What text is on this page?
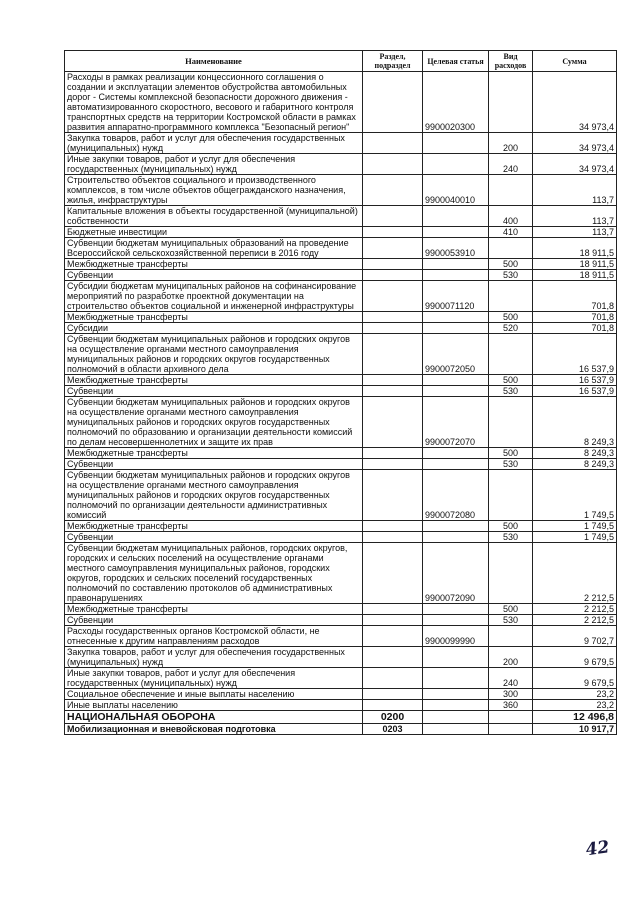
Наименование	Раздел, подраздел	Целевая статья	Вид расходов	Сумма
Расходы в рамках реализации концессионного соглашения о создании и эксплуатации элементов обустройства автомобильных дорог - Системы комплексной безопасности дорожного движения - автоматизированного скоростного, весового и габаритного контроля транспортных средств на территории Костромской области в рамках развития аппаратно-программного комплекса "Безопасный регион"		9900020300		34 973,4
Закупка товаров, работ и услуг для обеспечения государственных (муниципальных) нужд			200	34 973,4
Иные закупки товаров, работ и услуг для обеспечения государственных (муниципальных) нужд			240	34 973,4
Строительство объектов социального и производственного комплексов, в том числе объектов общегражданского назначения, жилья, инфраструктуры		9900040010		113,7
Капитальные вложения в объекты государственной (муниципальной) собственности			400	113,7
Бюджетные инвестиции			410	113,7
Субвенции бюджетам муниципальных образований на проведение Всероссийской сельскохозяйственной переписи в 2016 году		9900053910		18 911,5
Межбюджетные трансферты			500	18 911,5
Субвенции			530	18 911,5
Субсидии бюджетам муниципальных районов на софинансирование мероприятий по разработке проектной документации на строительство объектов социальной и инженерной инфраструктуры		9900071120		701,8
Межбюджетные трансферты			500	701,8
Субсидии			520	701,8
Субвенции бюджетам муниципальных районов и городских округов на осуществление органами местного самоуправления муниципальных районов и городских округов государственных полномочий в области архивного дела		9900072050		16 537,9
Межбюджетные трансферты			500	16 537,9
Субвенции			530	16 537,9
Субвенции бюджетам муниципальных районов и городских округов на осуществление органами местного самоуправления муниципальных районов и городских округов государственных полномочий по образованию и организации деятельности комиссий по делам несовершеннолетних и защите их прав		9900072070		8 249,3
Межбюджетные трансферты			500	8 249,3
Субвенции			530	8 249,3
Субвенции бюджетам муниципальных районов и городских округов на осуществление органами местного самоуправления муниципальных районов и городских округов государственных полномочий по организации деятельности административных комиссий		9900072080		1 749,5
Межбюджетные трансферты			500	1 749,5
Субвенции			530	1 749,5
Субвенции бюджетам муниципальных районов, городских округов, городских и сельских поселений на осуществление органами местного самоуправления муниципальных районов, городских округов, городских и сельских поселений государственных полномочий по составлению протоколов об административных правонарушениях		9900072090		2 212,5
Межбюджетные трансферты			500	2 212,5
Субвенции			530	2 212,5
Расходы государственных органов Костромской области, не отнесенные к другим направлениям расходов		9900099990		9 702,7
Закупка товаров, работ и услуг для обеспечения государственных (муниципальных) нужд			200	9 679,5
Иные закупки товаров, работ и услуг для обеспечения государственных (муниципальных) нужд			240	9 679,5
Социальное обеспечение и иные выплаты населению			300	23,2
Иные выплаты населению			360	23,2
НАЦИОНАЛЬНАЯ ОБОРОНА	0200			12 496,8
Мобилизационная и вневойсковая подготовка	0203			10 917,7
42
